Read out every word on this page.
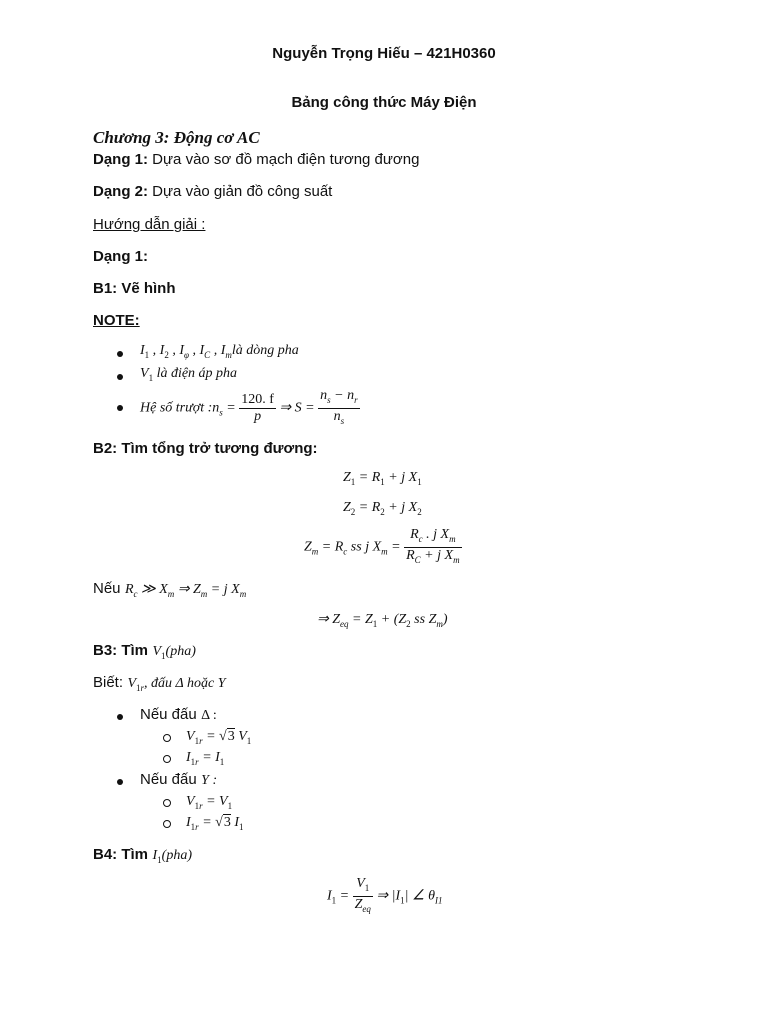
Nguyễn Trọng Hiếu – 421H0360
Bảng công thức Máy Điện
Chương 3: Động cơ AC
Dạng 1: Dựa vào sơ đồ mạch điện tương đương
Dạng 2: Dựa vào giản đồ công suất
Hướng dẫn giải :
Dạng 1:
B1: Vẽ hình
NOTE:
$I_1$ , $I_2$ , $I_\varphi$ , $I_C$ , $I_mlà$ dòng pha
$V_1$ là điện áp pha
Hệ số trượt $:n_s = \frac{120. f}{p}$ ⇒ $S = \frac{n_s - n_r}{n_s}$
B2: Tìm tổng trở tương đương:
$Z_1 = R_1 + j$ $X_1$
$Z_2 = R_2 + j$ $X_2$
$Z_m = R_c$ ss j $X_m = \frac{R_c . j X_m}{R_C + j X_m}$
Nếu $R_c$ ≫ $X_m$ ⇒ $Z_m = j$ $X_m$
⇒ $Z_{eq} = Z_1 + (Z_2$ ss $Z_m$)
B3: Tìm $V_1(pha)$
Biết: $V_{1r}$, đấu Δ hoặc Y
Nếu đấu Δ :
$V_{1r} = √3$ $V_1$
$I_{1r} = I_1$
Nếu đấu Y :
$V_{1r} = V_1$
$I_{1r} = √3$ $I_1$
B4: Tìm $I_1(pha)$
$I_1 = \frac{V_1}{Z_{eq}}$ ⇒ $|I_1|$ ∠ $\theta_{I1}$
